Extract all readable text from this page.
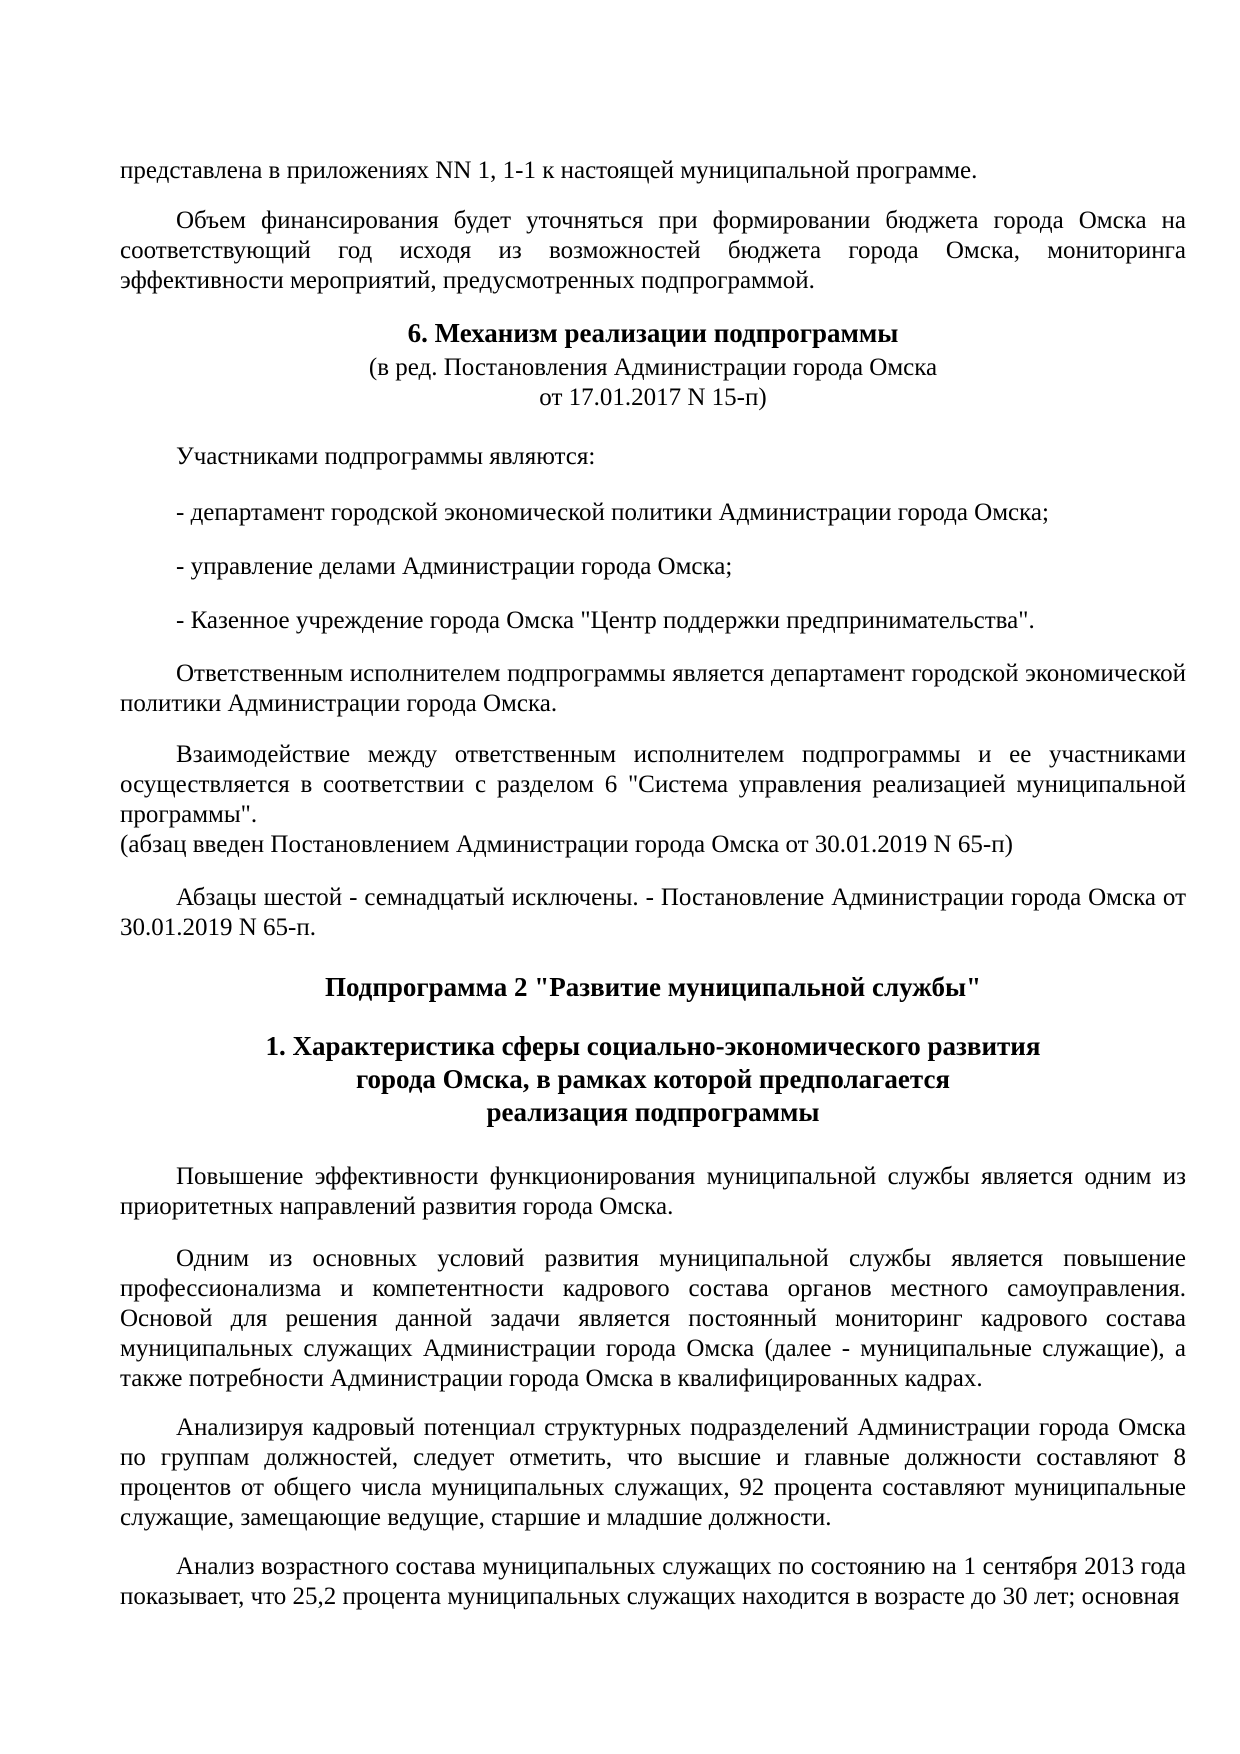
представлена в приложениях NN 1, 1-1 к настоящей муниципальной программе.
Объем финансирования будет уточняться при формировании бюджета города Омска на соответствующий год исходя из возможностей бюджета города Омска, мониторинга эффективности мероприятий, предусмотренных подпрограммой.
6. Механизм реализации подпрограммы
(в ред. Постановления Администрации города Омска
от 17.01.2017 N 15-п)
Участниками подпрограммы являются:
- департамент городской экономической политики Администрации города Омска;
- управление делами Администрации города Омска;
- Казенное учреждение города Омска "Центр поддержки предпринимательства".
Ответственным исполнителем подпрограммы является департамент городской экономической политики Администрации города Омска.
Взаимодействие между ответственным исполнителем подпрограммы и ее участниками осуществляется в соответствии с разделом 6 "Система управления реализацией муниципальной программы".
(абзац введен Постановлением Администрации города Омска от 30.01.2019 N 65-п)
Абзацы шестой - семнадцатый исключены. - Постановление Администрации города Омска от 30.01.2019 N 65-п.
Подпрограмма 2 "Развитие муниципальной службы"
1. Характеристика сферы социально-экономического развития
города Омска, в рамках которой предполагается
реализация подпрограммы
Повышение эффективности функционирования муниципальной службы является одним из приоритетных направлений развития города Омска.
Одним из основных условий развития муниципальной службы является повышение профессионализма и компетентности кадрового состава органов местного самоуправления. Основой для решения данной задачи является постоянный мониторинг кадрового состава муниципальных служащих Администрации города Омска (далее - муниципальные служащие), а также потребности Администрации города Омска в квалифицированных кадрах.
Анализируя кадровый потенциал структурных подразделений Администрации города Омска по группам должностей, следует отметить, что высшие и главные должности составляют 8 процентов от общего числа муниципальных служащих, 92 процента составляют муниципальные служащие, замещающие ведущие, старшие и младшие должности.
Анализ возрастного состава муниципальных служащих по состоянию на 1 сентября 2013 года показывает, что 25,2 процента муниципальных служащих находится в возрасте до 30 лет; основная
